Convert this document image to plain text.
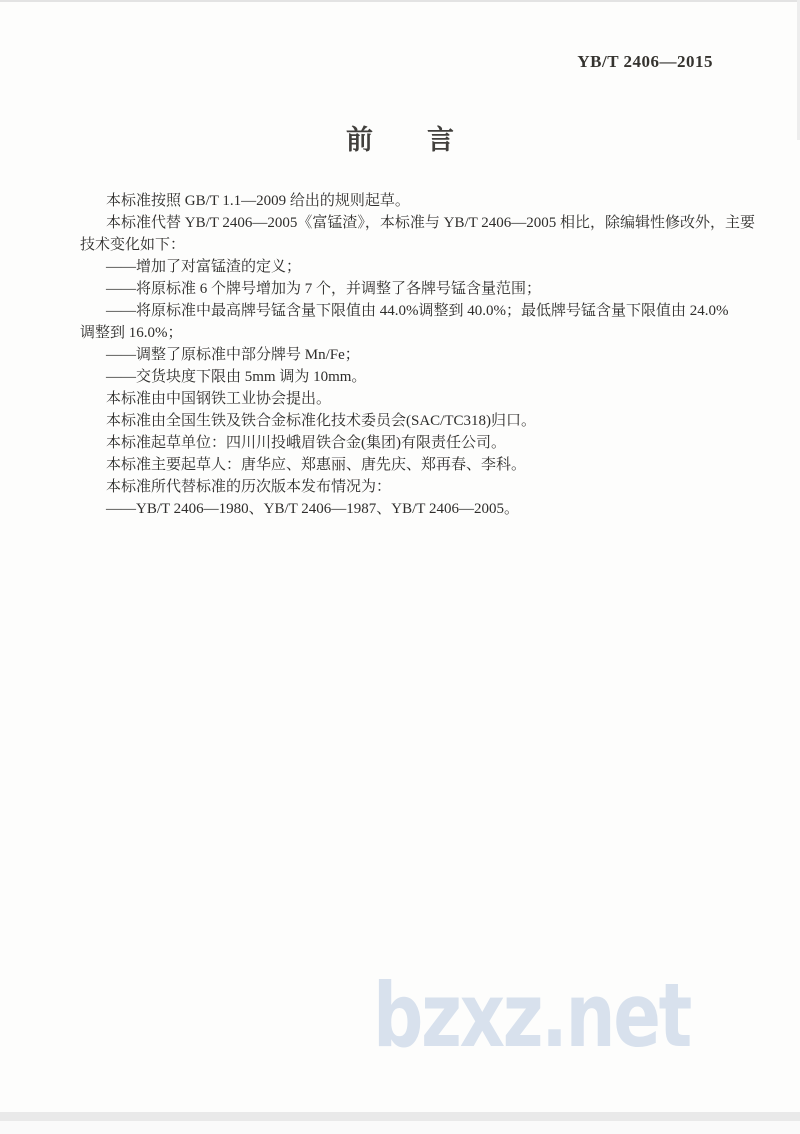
YB/T 2406—2015
前　　言
本标准按照 GB/T 1.1—2009 给出的规则起草。
本标准代替 YB/T 2406—2005《富锰渣》，本标准与 YB/T 2406—2005 相比，除编辑性修改外，主要
技术变化如下：
——增加了对富锰渣的定义；
——将原标准 6 个牌号增加为 7 个，并调整了各牌号锰含量范围；
——将原标准中最高牌号锰含量下限值由 44.0%调整到 40.0%；最低牌号锰含量下限值由 24.0%
调整到 16.0%；
——调整了原标准中部分牌号 Mn/Fe；
——交货块度下限由 5mm 调为 10mm。
本标准由中国钢铁工业协会提出。
本标准由全国生铁及铁合金标准化技术委员会(SAC/TC318)归口。
本标准起草单位：四川川投峨眉铁合金(集团)有限责任公司。
本标准主要起草人：唐华应、郑惠丽、唐先庆、郑再春、李科。
本标准所代替标准的历次版本发布情况为：
——YB/T 2406—1980、YB/T 2406—1987、YB/T 2406—2005。
bzxz.net
